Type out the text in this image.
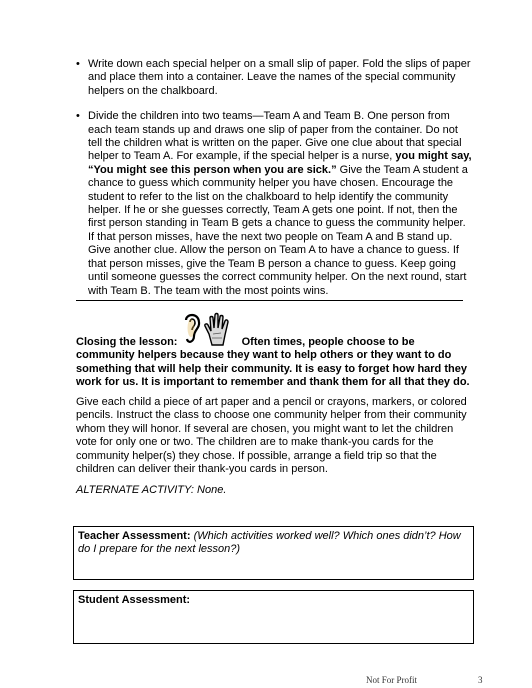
• Write down each special helper on a small slip of paper. Fold the slips of paper and place them into a container. Leave the names of the special community helpers on the chalkboard.
• Divide the children into two teams—Team A and Team B. One person from each team stands up and draws one slip of paper from the container. Do not tell the children what is written on the paper. Give one clue about that special helper to Team A. For example, if the special helper is a nurse, you might say, “You might see this person when you are sick.” Give the Team A student a chance to guess which community helper you have chosen. Encourage the student to refer to the list on the chalkboard to help identify the community helper. If he or she guesses correctly, Team A gets one point. If not, then the first person standing in Team B gets a chance to guess the community helper. If that person misses, have the next two people on Team A and B stand up. Give another clue. Allow the person on Team A to have a chance to guess. If that person misses, give the Team B person a chance to guess. Keep going until someone guesses the correct community helper. On the next round, start with Team B. The team with the most points wins.
Closing the lesson:	Often times, people choose to be community helpers because they want to help others or they want to do something that will help their community. It is easy to forget how hard they work for us. It is important to remember and thank them for all that they do.
Give each child a piece of art paper and a pencil or crayons, markers, or colored pencils. Instruct the class to choose one community helper from their community whom they will honor. If several are chosen, you might want to let the children vote for only one or two. The children are to make thank-you cards for the community helper(s) they chose. If possible, arrange a field trip so that the children can deliver their thank-you cards in person.
ALTERNATE ACTIVITY: None.
Teacher Assessment: (Which activities worked well? Which ones didn’t? How do I prepare for the next lesson?)
Student Assessment:
Not For Profit	3
